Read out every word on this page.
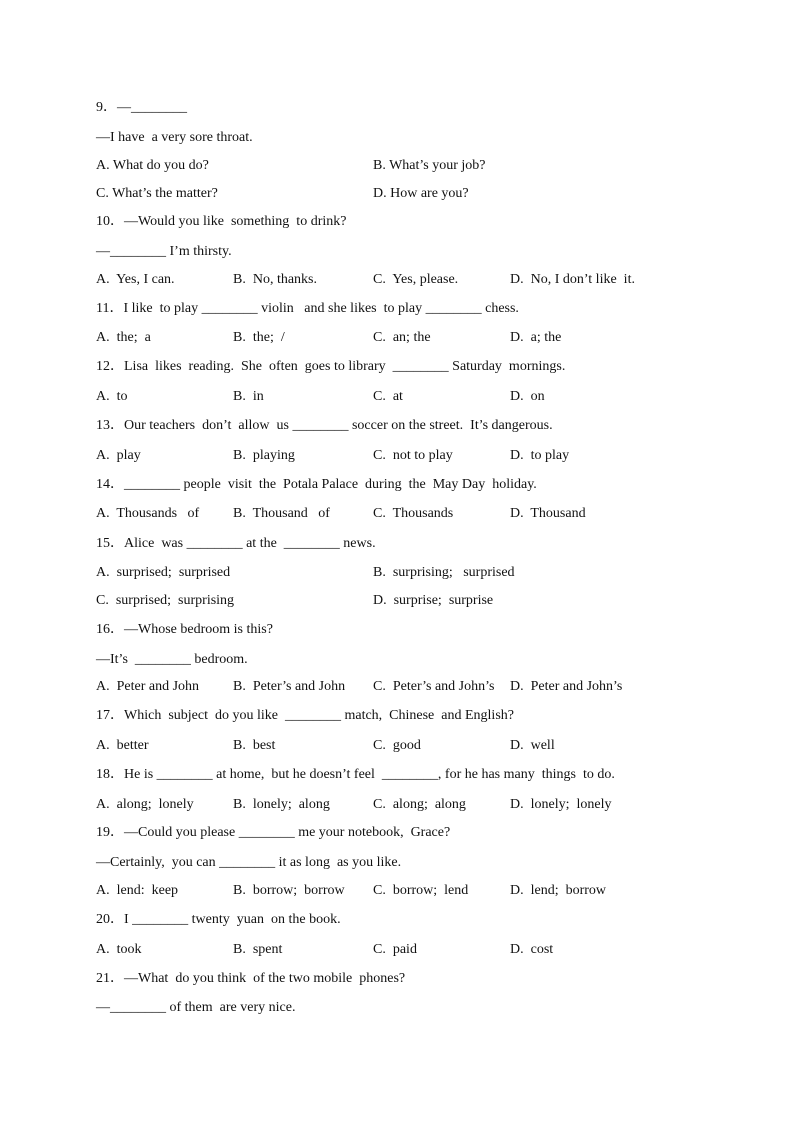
9．—________
—I have  a very sore throat.
A. What do you do?	B. What’s your job?
C. What’s the matter?	D. How are you?
10．—Would you like  something  to drink?
—________ I’m thirsty.
A.  Yes, I can.	B.  No, thanks.	C.  Yes, please.	D.  No, I don’t like  it.
11．I like  to play ________ violin   and she likes  to play ________ chess.
A.  the;  a	B.  the;  /	C.  an; the	D.  a; the
12．Lisa  likes  reading.  She  often  goes to library  ________ Saturday  mornings.
A.  to	B.  in	C.  at	D.  on
13．Our teachers  don’t  allow  us ________ soccer on the street.  It’s dangerous.
A.  play	B.  playing	C.  not to play	D.  to play
14．________ people  visit  the  Potala Palace  during  the  May Day  holiday.
A.  Thousands   of B.  Thousand   of	C.  Thousands	D.  Thousand
15．Alice  was ________ at the  ________ news.
A.  surprised;  surprised	B.  surprising;   surprised
C.  surprised;  surprising	D.  surprise;  surprise
16．—Whose bedroom is this?
—It’s  ________ bedroom.
A.  Peter and John B.  Peter’s and John C.  Peter’s and John’s D.  Peter and John’s
17．Which  subject  do you like  ________ match,  Chinese  and English?
A.  better	B.  best	C.  good	D.  well
18．He is ________ at home,  but he doesn’t feel  ________, for he has many  things  to do.
A.  along;  lonely	B.  lonely;  along	C.  along;  along	D.  lonely;  lonely
19．—Could you please ________ me your notebook,  Grace?
—Certainly,  you can ________ it as long  as you like.
A.  lend:  keep	B.  borrow;  borrow C.  borrow;  lend	D.  lend;  borrow
20．I ________ twenty  yuan  on the book.
A.  took	B.  spent	C.  paid	D.  cost
21．—What  do you think  of the two mobile  phones?
—________ of them  are very nice.
